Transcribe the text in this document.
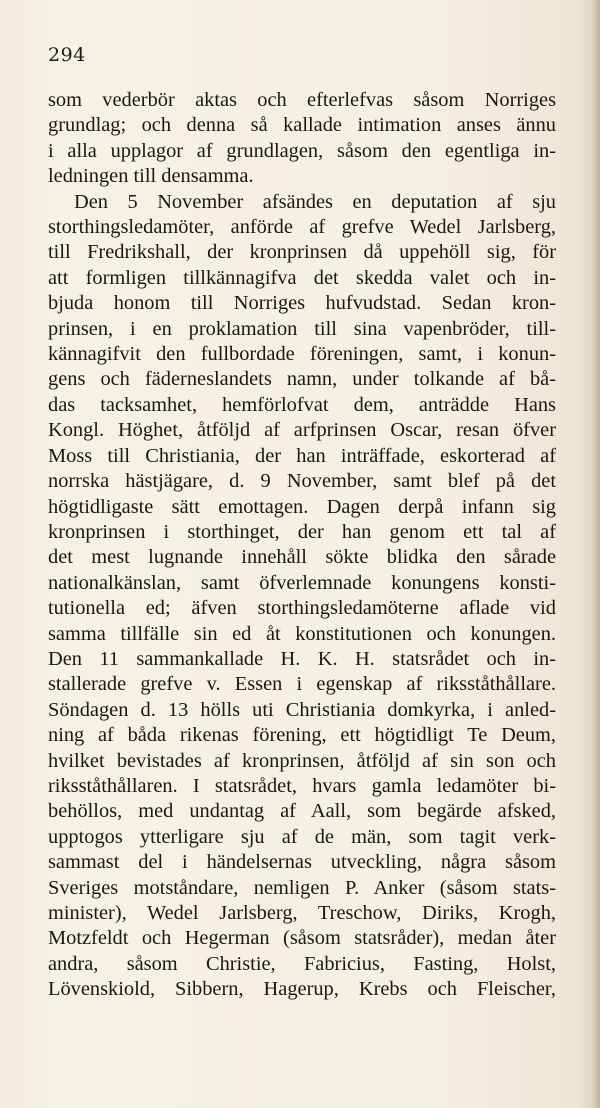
294
som vederbör aktas och efterlefvas såsom Norriges
grundlag; och denna så kallade intimation anses ännu
i alla upplagor af grundlagen, såsom den egentliga in-
ledningen till densamma.
Den 5 November afsändes en deputation af sju
storthingsledamöter, anförde af grefve Wedel Jarlsberg,
till Fredrikshall, der kronprinsen då uppehöll sig, för
att formligen tillkännagifva det skedda valet och in-
bjuda honom till Norriges hufvudstad. Sedan kron-
prinsen, i en proklamation till sina vapenbröder, till-
kännagifvit den fullbordade föreningen, samt, i konun-
gens och fäderneslandets namn, under tolkande af bå-
das tacksamhet, hemförlofvat dem, anträdde Hans
Kongl. Höghet, åtföljd af arfprinsen Oscar, resan öfver
Moss till Christiania, der han inträffade, eskorterad af
norrska hästjägare, d. 9 November, samt blef på det
högtidligaste sätt emottagen. Dagen derpå infann sig
kronprinsen i storthinget, der han genom ett tal af
det mest lugnande innehåll sökte blidka den sårade
nationalkänslan, samt öfverlemnade konungens konsti-
tutionella ed; äfven storthingsledamöterne aflade vid
samma tillfälle sin ed åt konstitutionen och konungen.
Den 11 sammankallade H. K. H. statsrådet och in-
stallerade grefve v. Essen i egenskap af riksståthållare.
Söndagen d. 13 hölls uti Christiania domkyrka, i anled-
ning af båda rikenas förening, ett högtidligt Te Deum,
hvilket bevistades af kronprinsen, åtföljd af sin son och
riksståthållaren. I statsrådet, hvars gamla ledamöter bi-
behöllos, med undantag af Aall, som begärde afsked,
upptogos ytterligare sju af de män, som tagit verk-
sammast del i händelsernas utveckling, några såsom
Sveriges motståndare, nemligen P. Anker (såsom stats-
minister), Wedel Jarlsberg, Treschow, Diriks, Krogh,
Motzfeldt och Hegerman (såsom statsråder), medan åter
andra, såsom Christie, Fabricius, Fasting, Holst,
Lövenskiold, Sibbern, Hagerup, Krebs och Fleischer,
